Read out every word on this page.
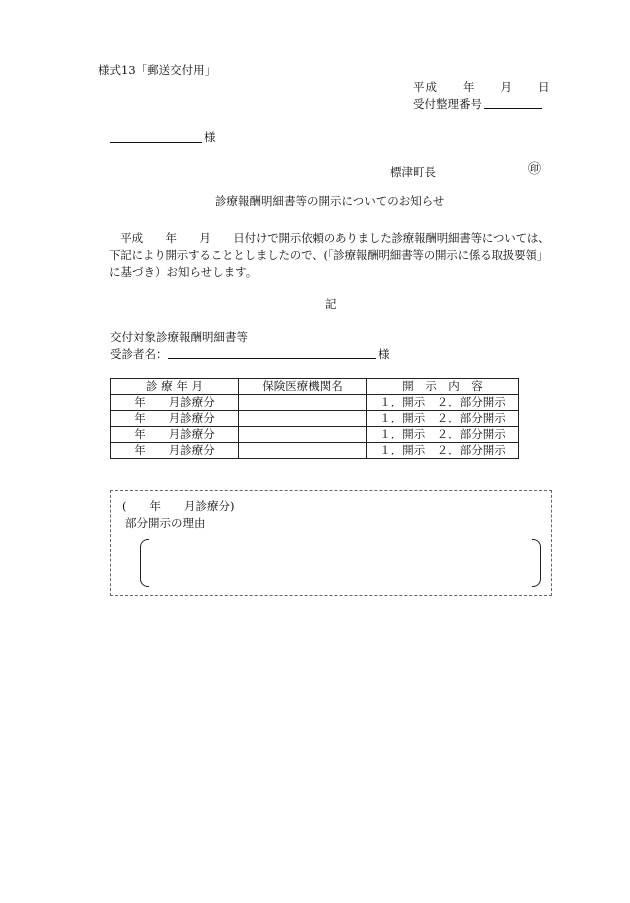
様式13「郵送交付用」
平成　　年　　月　　日
受付整理番号
様
標津町長	㊞
診療報酬明細書等の開示についてのお知らせ
　平成　　年　　月　　日付けで開示依頼のありました診療報酬明細書等については、
下記により開示することとしましたので、(「診療報酬明細書等の開示に係る取扱要領」
に基づき）お知らせします。
記
交付対象診療報酬明細書等
受診者名：	様
診 療 年 月	保険医療機関名	開　示　内　容
年　　月診療分		１．開示　２．部分開示
年　　月診療分		１．開示　２．部分開示
年　　月診療分		１．開示　２．部分開示
年　　月診療分		１．開示　２．部分開示
(　　年　　月診療分)
部分開示の理由
